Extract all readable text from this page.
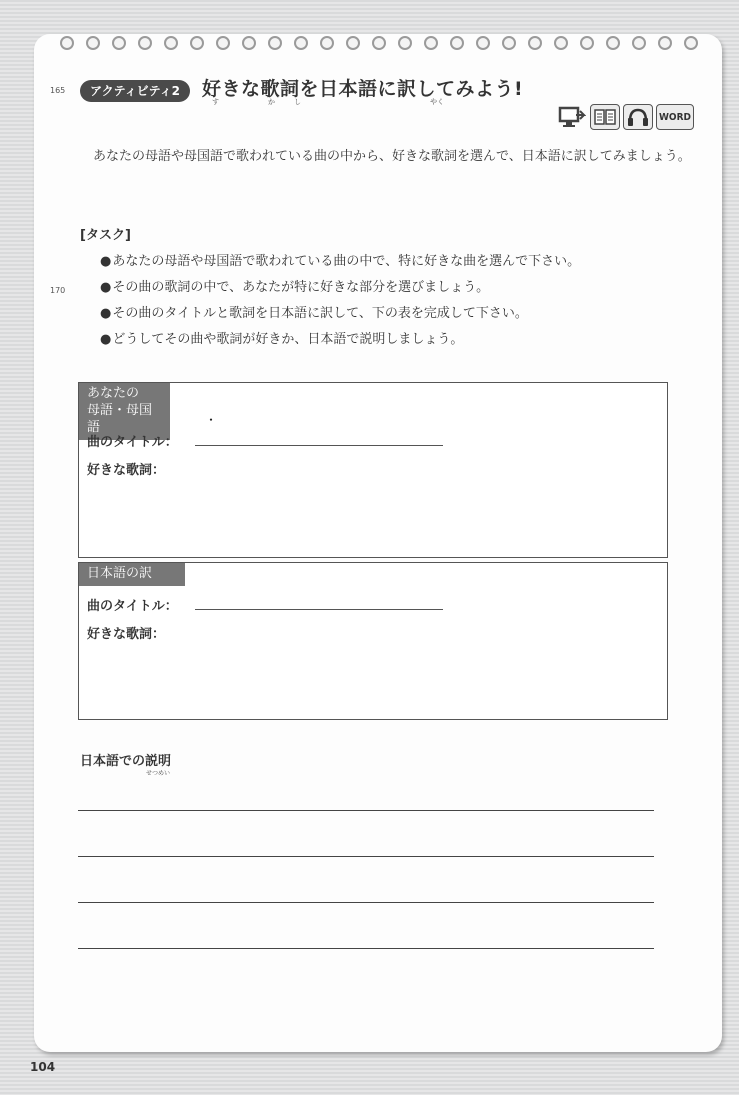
165
170
アクティビティ2	好きな歌詞を日本語に訳してみよう!
す	か	し	やく
WORD
あなたの母語や母国語で歌われている曲の中から、好きな歌詞を選んで、日本語に訳してみましょう。
[タスク]
● あなたの母語や母国語で歌われている曲の中で、特に好きな曲を選んで下さい。
● その曲の歌詞の中で、あなたが特に好きな部分を選びましょう。
● その曲のタイトルと歌詞を日本語に訳して、下の表を完成して下さい。
● どうしてその曲や歌詞が好きか、日本語で説明しましょう。
あなたの
母語・母国語	・
曲のタイトル：
好きな歌詞：
日本語の訳
曲のタイトル：
好きな歌詞：
日本語での説明
せつめい
104
